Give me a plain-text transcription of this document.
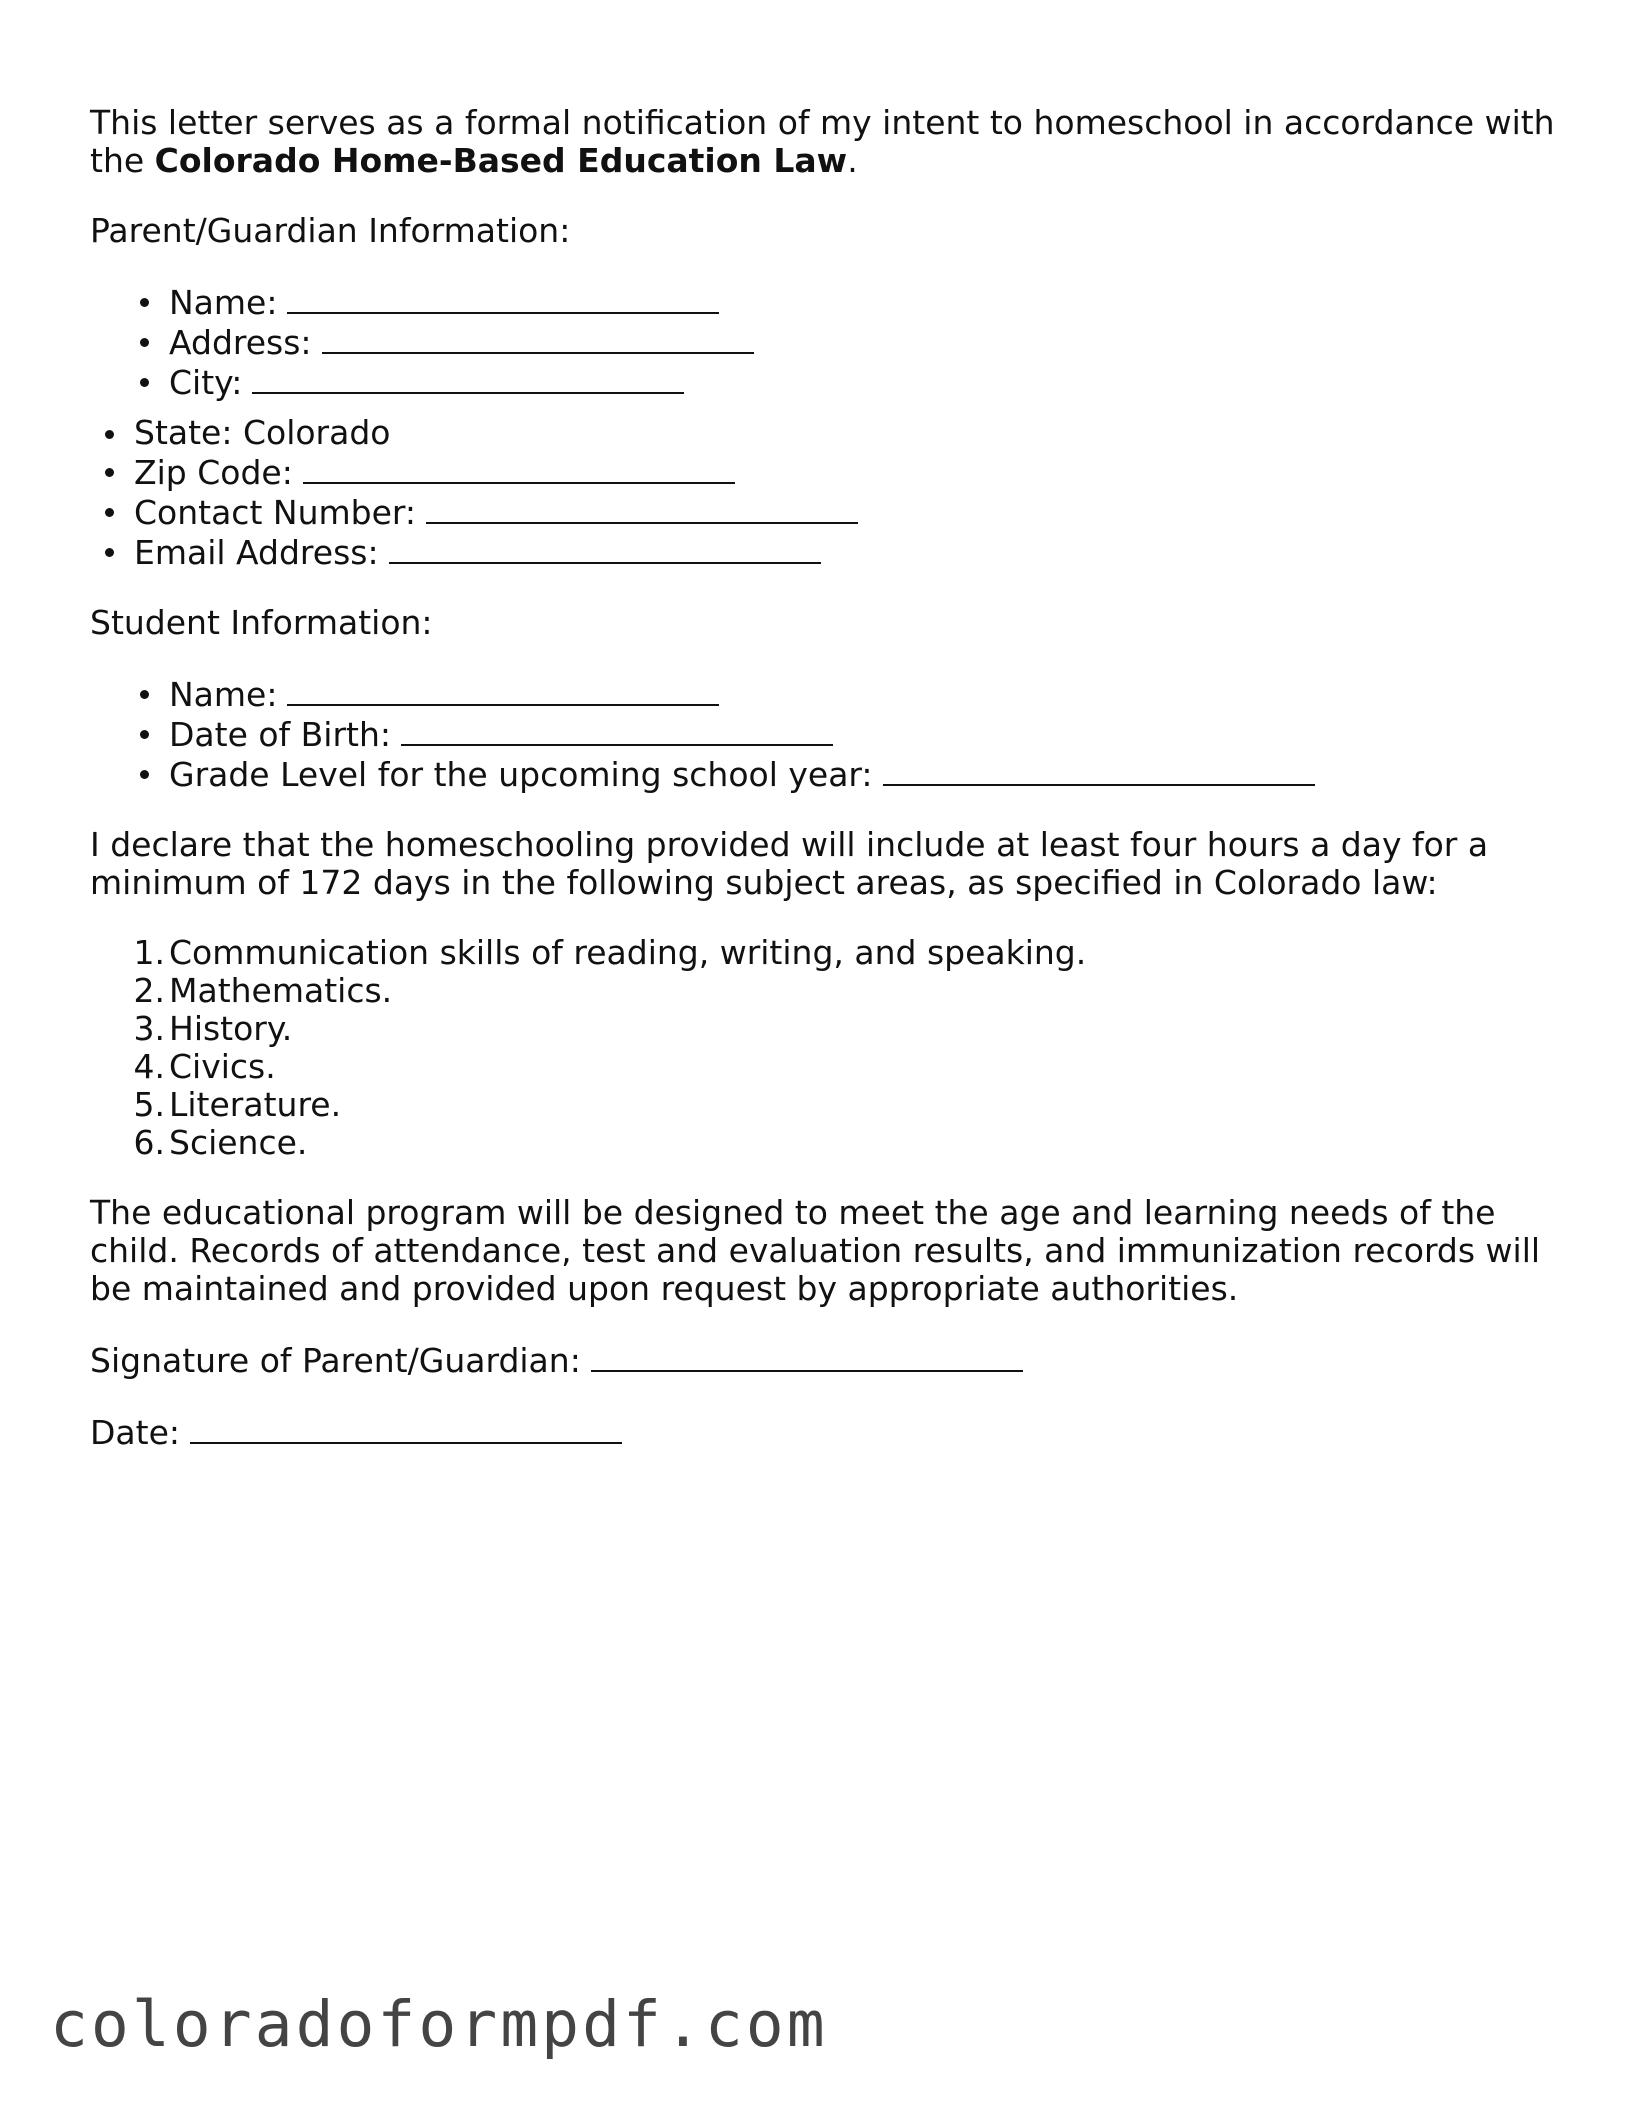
This letter serves as a formal notification of my intent to homeschool in accordance with the Colorado Home-Based Education Law.

Parent/Guardian Information:

Name:
Address:
City:
State: Colorado
Zip Code:
Contact Number:
Email Address:

Student Information:

Name:
Date of Birth:
Grade Level for the upcoming school year:

I declare that the homeschooling provided will include at least four hours a day for a minimum of 172 days in the following subject areas, as specified in Colorado law:

1. Communication skills of reading, writing, and speaking.
2. Mathematics.
3. History.
4. Civics.
5. Literature.
6. Science.

The educational program will be designed to meet the age and learning needs of the child. Records of attendance, test and evaluation results, and immunization records will be maintained and provided upon request by appropriate authorities.

Signature of Parent/Guardian:

Date:

coloradoformpdf.com
